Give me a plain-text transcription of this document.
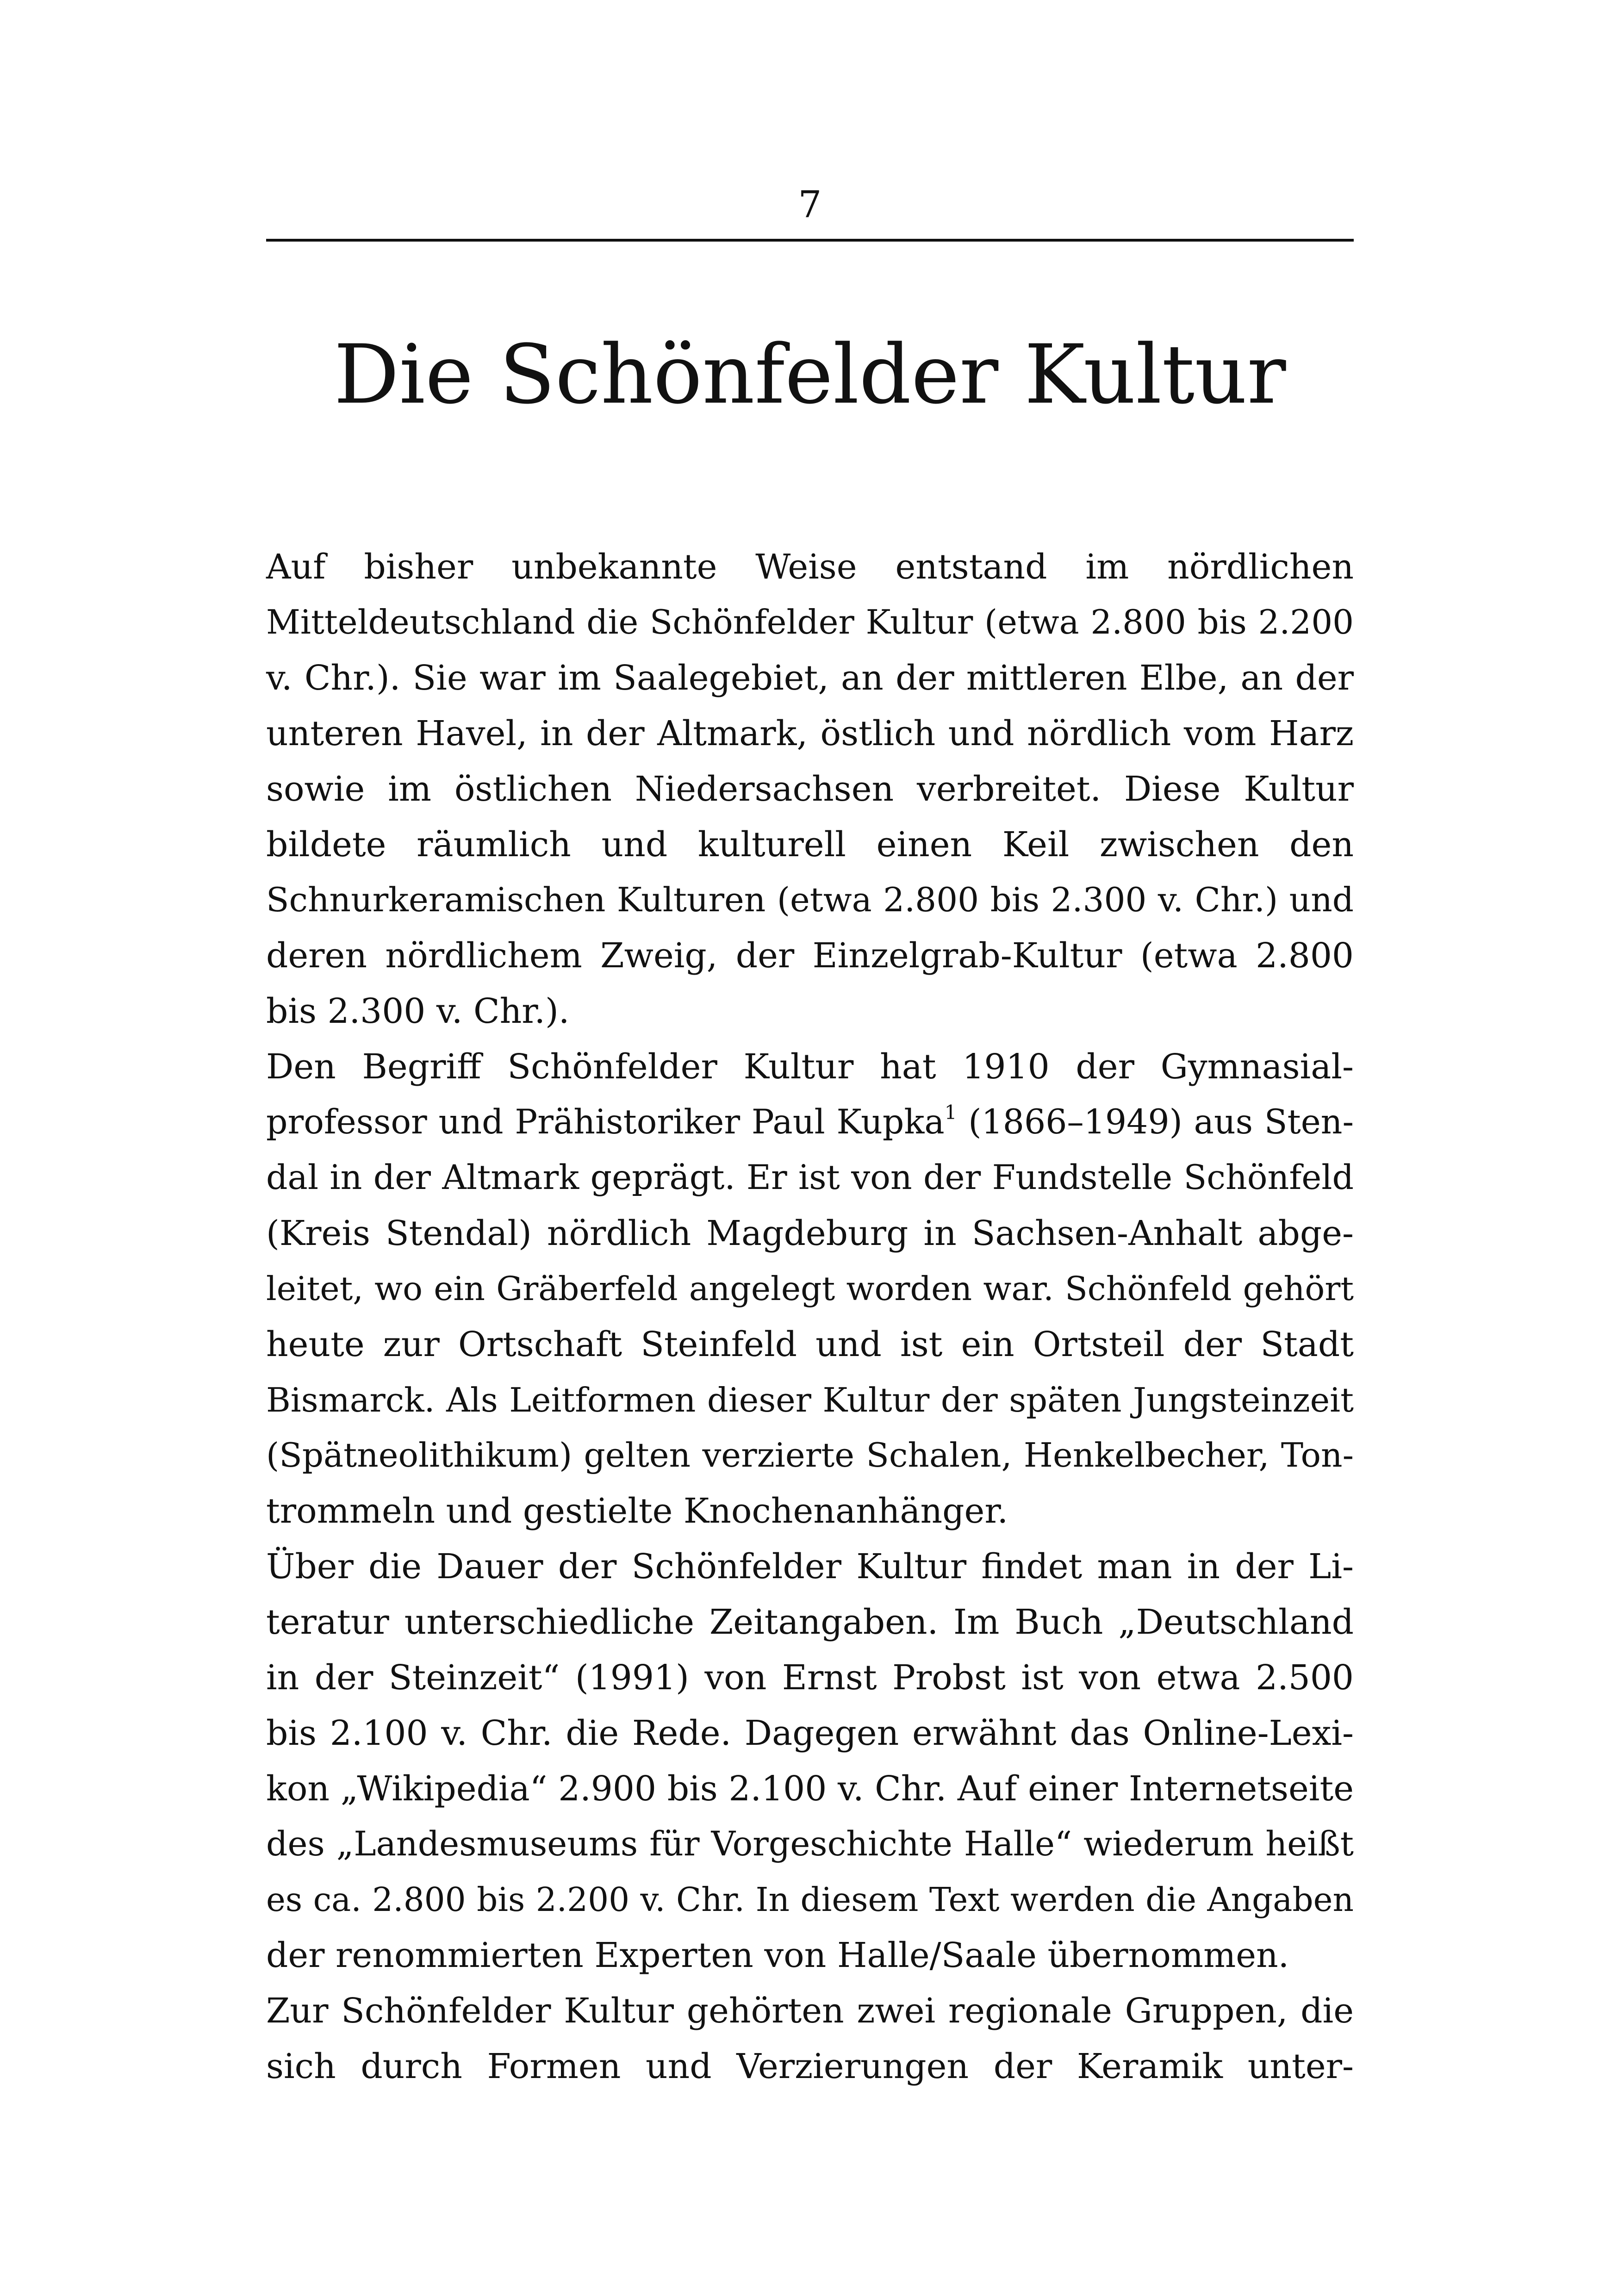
7
Die Schönfelder Kultur
Auf bisher unbekannte Weise entstand im nördlichen
Mitteldeutschland die Schönfelder Kultur (etwa 2.800 bis 2.200
v. Chr.). Sie war im Saalegebiet, an der mittleren Elbe, an der
unteren Havel, in der Altmark, östlich und nördlich vom Harz
sowie im östlichen Niedersachsen verbreitet. Diese Kultur
bildete räumlich und kulturell einen Keil zwischen den
Schnurkeramischen Kulturen (etwa 2.800 bis 2.300 v. Chr.) und
deren nördlichem Zweig, der Einzelgrab-Kultur (etwa 2.800
bis 2.300 v. Chr.).
Den Begriff Schönfelder Kultur hat 1910 der Gymnasial-
professor und Prähistoriker Paul Kupka$^1$ (1866–1949) aus Sten-
dal in der Altmark geprägt. Er ist von der Fundstelle Schönfeld
(Kreis Stendal) nördlich Magdeburg in Sachsen-Anhalt abge-
leitet, wo ein Gräberfeld angelegt worden war. Schönfeld gehört
heute zur Ortschaft Steinfeld und ist ein Ortsteil der Stadt
Bismarck. Als Leitformen dieser Kultur der späten Jungsteinzeit
(Spätneolithikum) gelten verzierte Schalen, Henkelbecher, Ton-
trommeln und gestielte Knochenanhänger.
Über die Dauer der Schönfelder Kultur findet man in der Li-
teratur unterschiedliche Zeitangaben. Im Buch „Deutschland
in der Steinzeit“ (1991) von Ernst Probst ist von etwa 2.500
bis 2.100 v. Chr. die Rede. Dagegen erwähnt das Online-Lexi-
kon „Wikipedia“ 2.900 bis 2.100 v. Chr. Auf einer Internetseite
des „Landesmuseums für Vorgeschichte Halle“ wiederum heißt
es ca. 2.800 bis 2.200 v. Chr. In diesem Text werden die Angaben
der renommierten Experten von Halle/Saale übernommen.
Zur Schönfelder Kultur gehörten zwei regionale Gruppen, die
sich durch Formen und Verzierungen der Keramik unter-
